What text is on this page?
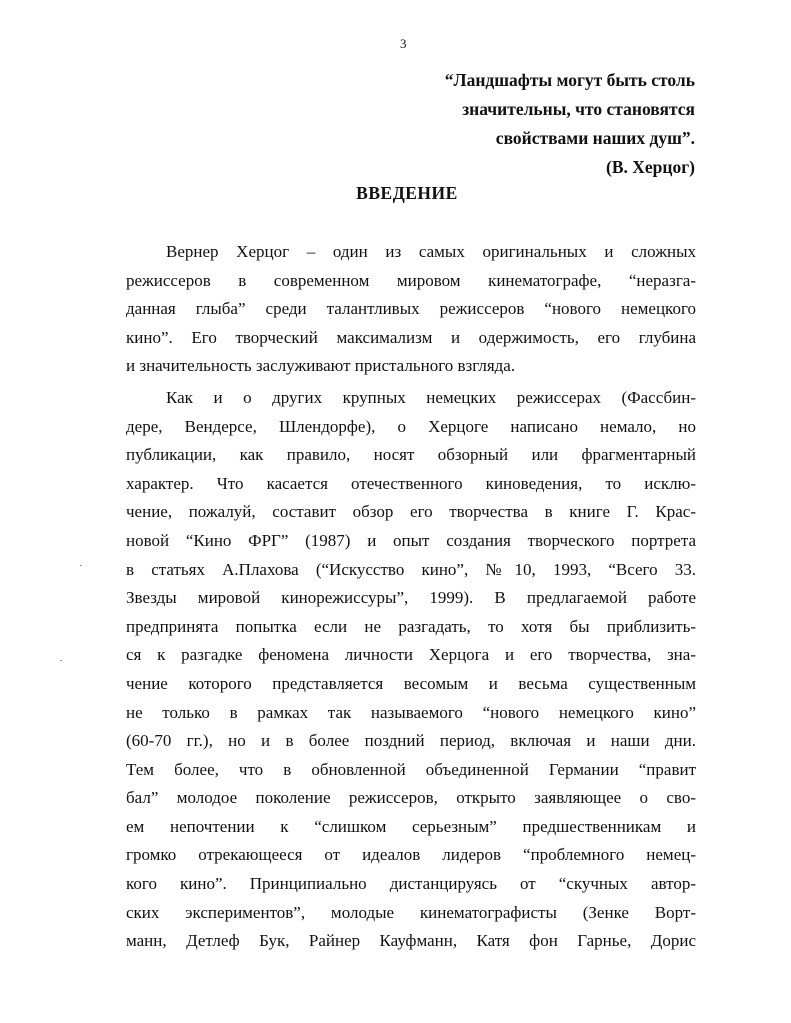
3
“Ландшафты могут быть столь
значительны, что становятся
свойствами наших душ”.
(В. Херцог)
ВВЕДЕНИЕ
Вернер Херцог – один из самых оригинальных и сложных
режиссеров в современном мировом кинематографе, “неразга-
данная глыба” среди талантливых режиссеров “нового немецкого
кино”. Его творческий максимализм и одержимость, его глубина
и значительность заслуживают пристального взгляда.
Как и о других крупных немецких режиссерах (Фассбин-
дере, Вендерсе, Шлендорфе), о Херцоге написано немало, но
публикации, как правило, носят обзорный или фрагментарный
характер. Что касается отечественного киноведения, то исклю-
чение, пожалуй, составит обзор его творчества в книге Г. Крас-
новой “Кино ФРГ” (1987) и опыт создания творческого портрета
в статьях А.Плахова (“Искусство кино”, №10, 1993, “Всего 33.
Звезды мировой кинорежиссуры”, 1999). В предлагаемой работе
предпринята попытка если не разгадать, то хотя бы приблизить-
ся к разгадке феномена личности Херцога и его творчества, зна-
чение которого представляется весомым и весьма существенным
не только в рамках так называемого “нового немецкого кино”
(60-70 гг.), но и в более поздний период, включая и наши дни.
Тем более, что в обновленной объединенной Германии “правит
бал” молодое поколение режиссеров, открыто заявляющее о сво-
ем непочтении к “слишком серьезным” предшественникам и
громко отрекающееся от идеалов лидеров “проблемного немец-
кого кино”. Принципиально дистанцируясь от “скучных автор-
ских экспериментов”, молодые кинематографисты (Зенке Ворт-
манн, Детлеф Бук, Райнер Кауфманн, Катя фон Гарнье, Дорис
